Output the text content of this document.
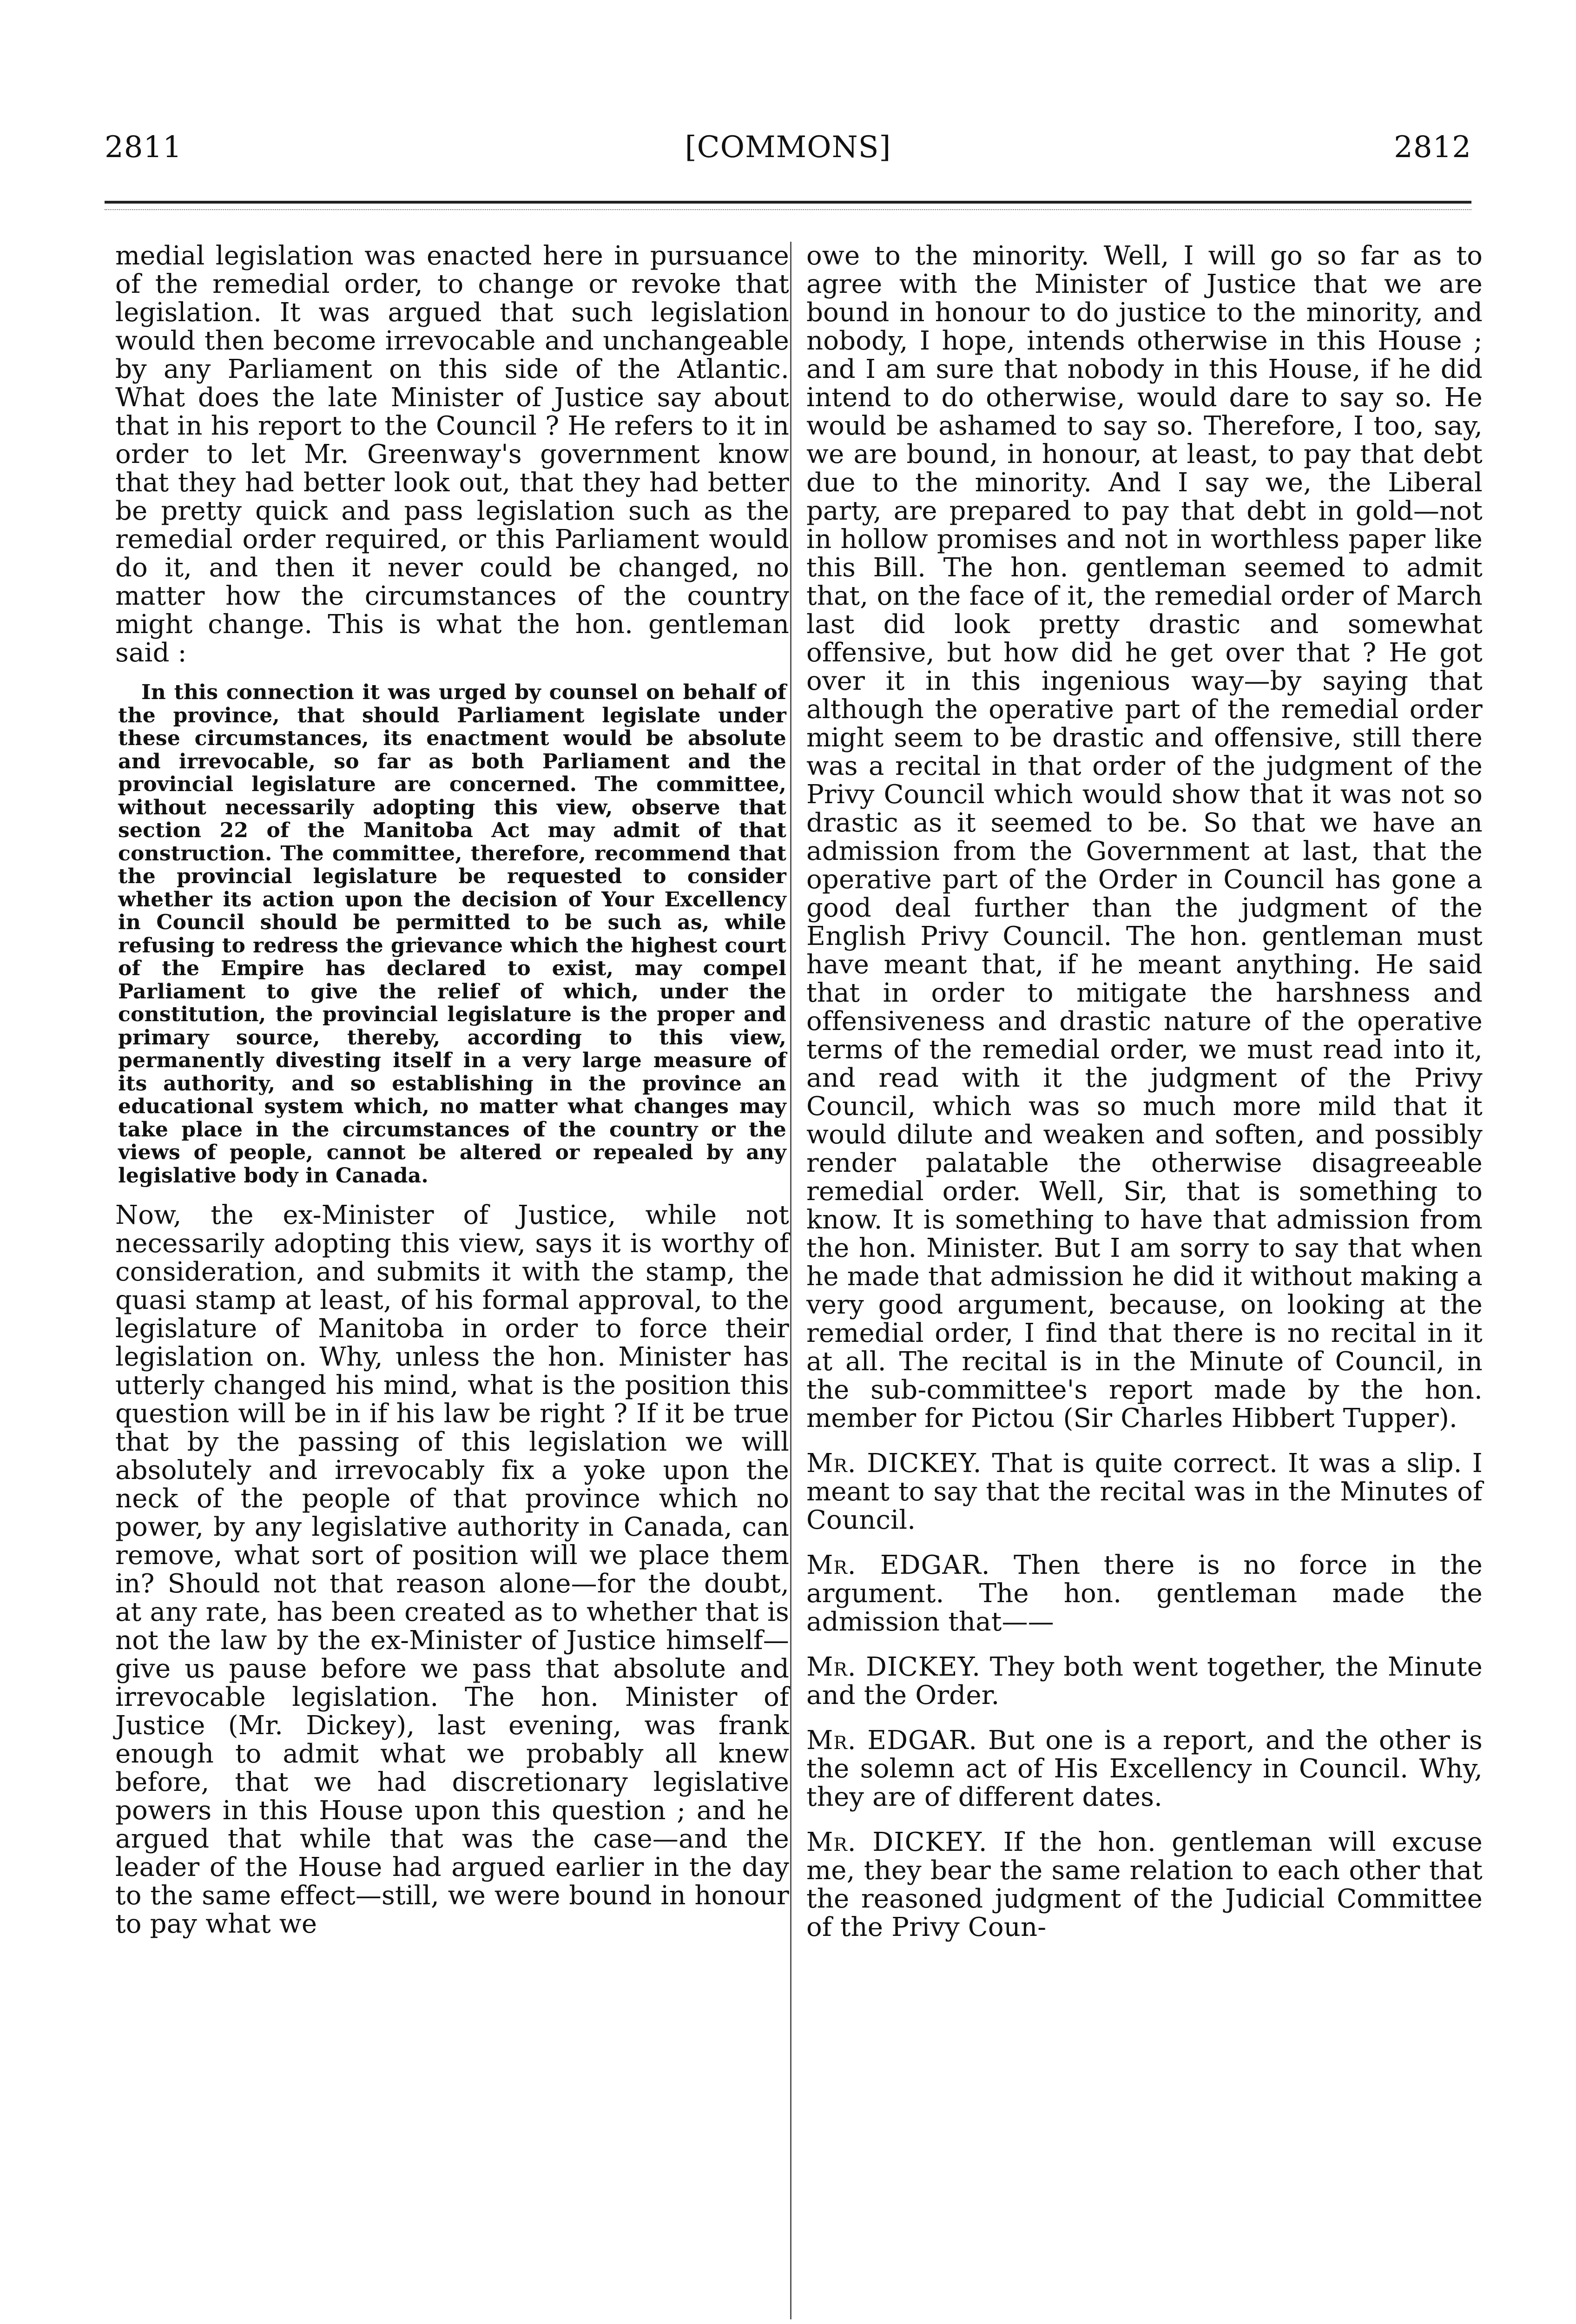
2811	[COMMONS]	2812

medial legislation was enacted here in pursuance of the remedial order, to change or revoke that legislation. It was argued that such legislation would then become irrevocable and unchangeable by any Parliament on this side of the Atlantic. What does the late Minister of Justice say about that in his report to the Council ? He refers to it in order to let Mr. Greenway's government know that they had better look out, that they had better be pretty quick and pass legislation such as the remedial order required, or this Parliament would do it, and then it never could be changed, no matter how the circumstances of the country might change. This is what the hon. gentleman said :

In this connection it was urged by counsel on behalf of the province, that should Parliament legislate under these circumstances, its enactment would be absolute and irrevocable, so far as both Parliament and the provincial legislature are concerned. The committee, without necessarily adopting this view, observe that section 22 of the Manitoba Act may admit of that construction. The committee, therefore, recommend that the provincial legislature be requested to consider whether its action upon the decision of Your Excellency in Council should be permitted to be such as, while refusing to redress the grievance which the highest court of the Empire has declared to exist, may compel Parliament to give the relief of which, under the constitution, the provincial legislature is the proper and primary source, thereby, according to this view, permanently divesting itself in a very large measure of its authority, and so establishing in the province an educational system which, no matter what changes may take place in the circumstances of the country or the views of people, cannot be altered or repealed by any legislative body in Canada.

Now, the ex-Minister of Justice, while not necessarily adopting this view, says it is worthy of consideration, and submits it with the stamp, the quasi stamp at least, of his formal approval, to the legislature of Manitoba in order to force their legislation on. Why, unless the hon. Minister has utterly changed his mind, what is the position this question will be in if his law be right ? If it be true that by the passing of this legislation we will absolutely and irrevocably fix a yoke upon the neck of the people of that province which no power, by any legislative authority in Canada, can remove, what sort of position will we place them in? Should not that reason alone—for the doubt, at any rate, has been created as to whether that is not the law by the ex-Minister of Justice himself—give us pause before we pass that absolute and irrevocable legislation. The hon. Minister of Justice (Mr. Dickey), last evening, was frank enough to admit what we probably all knew before, that we had discretionary legislative powers in this House upon this question ; and he argued that while that was the case—and the leader of the House had argued earlier in the day to the same effect—still, we were bound in honour to pay what we

owe to the minority. Well, I will go so far as to agree with the Minister of Justice that we are bound in honour to do justice to the minority, and nobody, I hope, intends otherwise in this House ; and I am sure that nobody in this House, if he did intend to do otherwise, would dare to say so. He would be ashamed to say so. Therefore, I too, say, we are bound, in honour, at least, to pay that debt due to the minority. And I say we, the Liberal party, are prepared to pay that debt in gold—not in hollow promises and not in worthless paper like this Bill. The hon. gentleman seemed to admit that, on the face of it, the remedial order of March last did look pretty drastic and somewhat offensive, but how did he get over that ? He got over it in this ingenious way—by saying that although the operative part of the remedial order might seem to be drastic and offensive, still there was a recital in that order of the judgment of the Privy Council which would show that it was not so drastic as it seemed to be. So that we have an admission from the Government at last, that the operative part of the Order in Council has gone a good deal further than the judgment of the English Privy Council. The hon. gentleman must have meant that, if he meant anything. He said that in order to mitigate the harshness and offensiveness and drastic nature of the operative terms of the remedial order, we must read into it, and read with it the judgment of the Privy Council, which was so much more mild that it would dilute and weaken and soften, and possibly render palatable the otherwise disagreeable remedial order. Well, Sir, that is something to know. It is something to have that admission from the hon. Minister. But I am sorry to say that when he made that admission he did it without making a very good argument, because, on looking at the remedial order, I find that there is no recital in it at all. The recital is in the Minute of Council, in the sub-committee's report made by the hon. member for Pictou (Sir Charles Hibbert Tupper).

Mr. DICKEY. That is quite correct. It was a slip. I meant to say that the recital was in the Minutes of Council.

Mr. EDGAR. Then there is no force in the argument. The hon. gentleman made the admission that——

Mr. DICKEY. They both went together, the Minute and the Order.

Mr. EDGAR. But one is a report, and the other is the solemn act of His Excellency in Council. Why, they are of different dates.

Mr. DICKEY. If the hon. gentleman will excuse me, they bear the same relation to each other that the reasoned judgment of the Judicial Committee of the Privy Coun-
